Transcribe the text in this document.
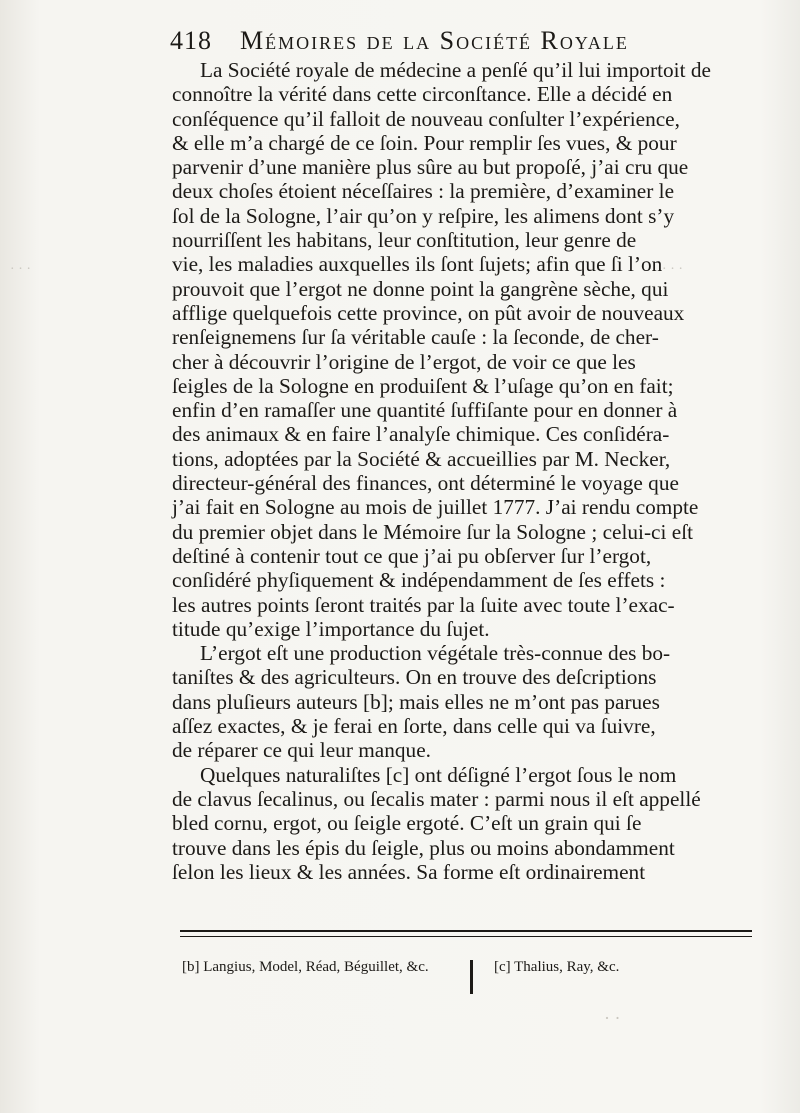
418 Mémoires de la Société Royale
La Société royale de médecine a penſé qu’il lui importoit de
connoître la vérité dans cette circonſtance. Elle a décidé en
conſéquence qu’il falloit de nouveau conſulter l’expérience,
& elle m’a chargé de ce ſoin. Pour remplir ſes vues, & pour
parvenir d’une manière plus sûre au but propoſé, j’ai cru que
deux choſes étoient néceſſaires : la première, d’examiner le
ſol de la Sologne, l’air qu’on y reſpire, les alimens dont s’y
nourriſſent les habitans, leur conſtitution, leur genre de
vie, les maladies auxquelles ils ſont ſujets; afin que ſi l’on
prouvoit que l’ergot ne donne point la gangrène sèche, qui
afflige quelquefois cette province, on pût avoir de nouveaux
renſeignemens ſur ſa véritable cauſe : la ſeconde, de cher-
cher à découvrir l’origine de l’ergot, de voir ce que les
ſeigles de la Sologne en produiſent & l’uſage qu’on en fait;
enfin d’en ramaſſer une quantité ſuffiſante pour en donner à
des animaux & en faire l’analyſe chimique. Ces conſidéra-
tions, adoptées par la Société & accueillies par M. Necker,
directeur-général des finances, ont déterminé le voyage que
j’ai fait en Sologne au mois de juillet 1777. J’ai rendu compte
du premier objet dans le Mémoire ſur la Sologne ; celui-ci eſt
deſtiné à contenir tout ce que j’ai pu obſerver ſur l’ergot,
conſidéré phyſiquement & indépendamment de ſes effets :
les autres points ſeront traités par la ſuite avec toute l’exac-
titude qu’exige l’importance du ſujet.
L’ergot eſt une production végétale très-connue des bo-
taniſtes & des agriculteurs. On en trouve des deſcriptions
dans pluſieurs auteurs [b]; mais elles ne m’ont pas parues
aſſez exactes, & je ferai en ſorte, dans celle qui va ſuivre,
de réparer ce qui leur manque.
Quelques naturaliſtes [c] ont déſigné l’ergot ſous le nom
de clavus ſecalinus, ou ſecalis mater : parmi nous il eſt appellé
bled cornu, ergot, ou ſeigle ergoté. C’eſt un grain qui ſe
trouve dans les épis du ſeigle, plus ou moins abondamment
ſelon les lieux & les années. Sa forme eſt ordinairement
[b] Langius, Model, Réad, Béguillet, &c.	[c] Thalius, Ray, &c.
· · ·	· · ·
· ·
